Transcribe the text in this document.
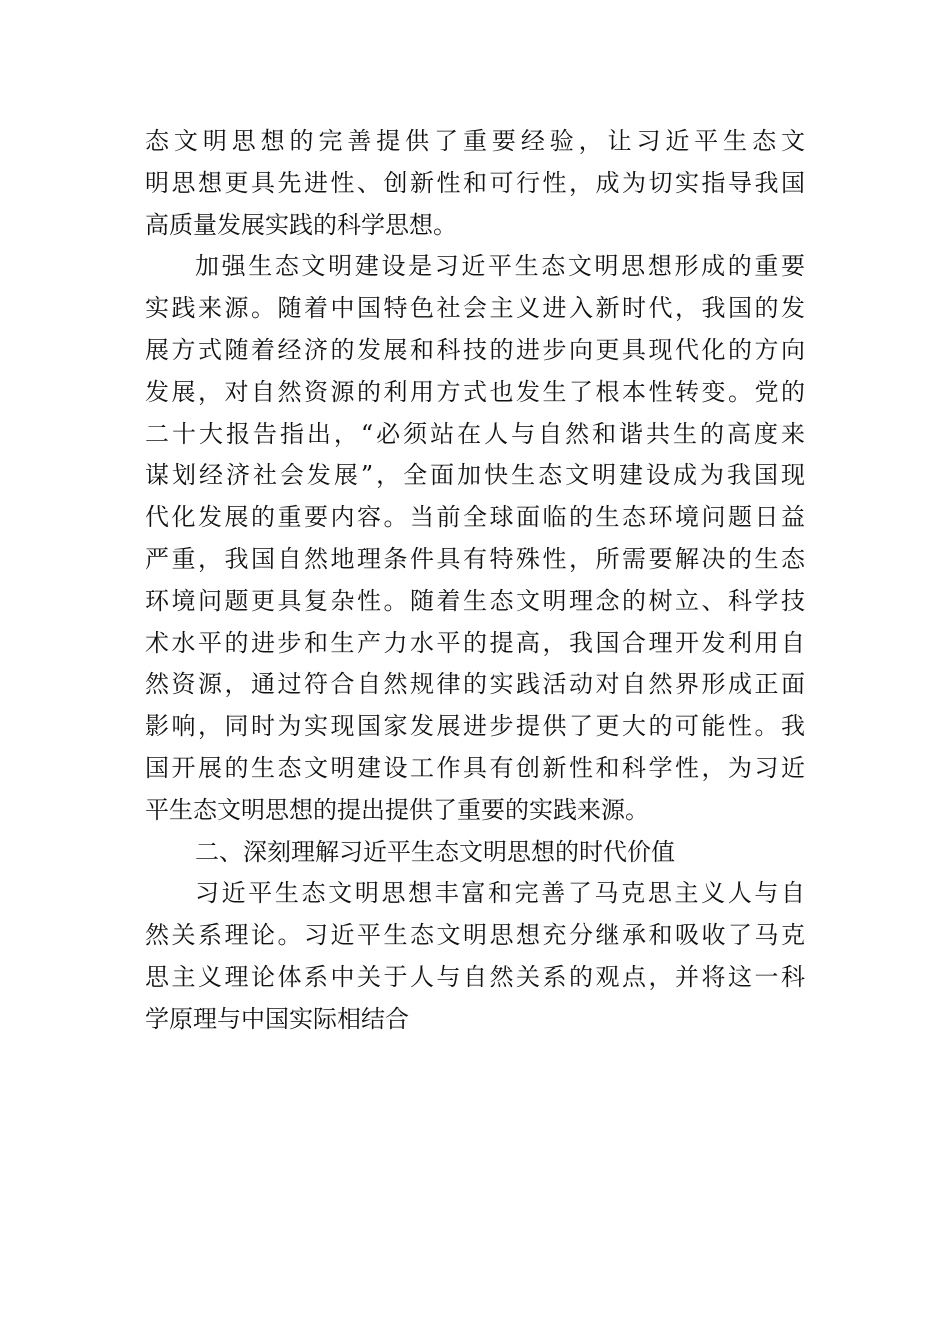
态文明思想的完善提供了重要经验，让习近平生态文
明思想更具先进性、创新性和可行性，成为切实指导我国
高质量发展实践的科学思想。
加强生态文明建设是习近平生态文明思想形成的重要
实践来源。随着中国特色社会主义进入新时代，我国的发
展方式随着经济的发展和科技的进步向更具现代化的方向
发展，对自然资源的利用方式也发生了根本性转变。党的
二十大报告指出，“必须站在人与自然和谐共生的高度来
谋划经济社会发展”，全面加快生态文明建设成为我国现
代化发展的重要内容。当前全球面临的生态环境问题日益
严重，我国自然地理条件具有特殊性，所需要解决的生态
环境问题更具复杂性。随着生态文明理念的树立、科学技
术水平的进步和生产力水平的提高，我国合理开发利用自
然资源，通过符合自然规律的实践活动对自然界形成正面
影响，同时为实现国家发展进步提供了更大的可能性。我
国开展的生态文明建设工作具有创新性和科学性，为习近
平生态文明思想的提出提供了重要的实践来源。
二、深刻理解习近平生态文明思想的时代价值
习近平生态文明思想丰富和完善了马克思主义人与自
然关系理论。习近平生态文明思想充分继承和吸收了马克
思主义理论体系中关于人与自然关系的观点，并将这一科
学原理与中国实际相结合
